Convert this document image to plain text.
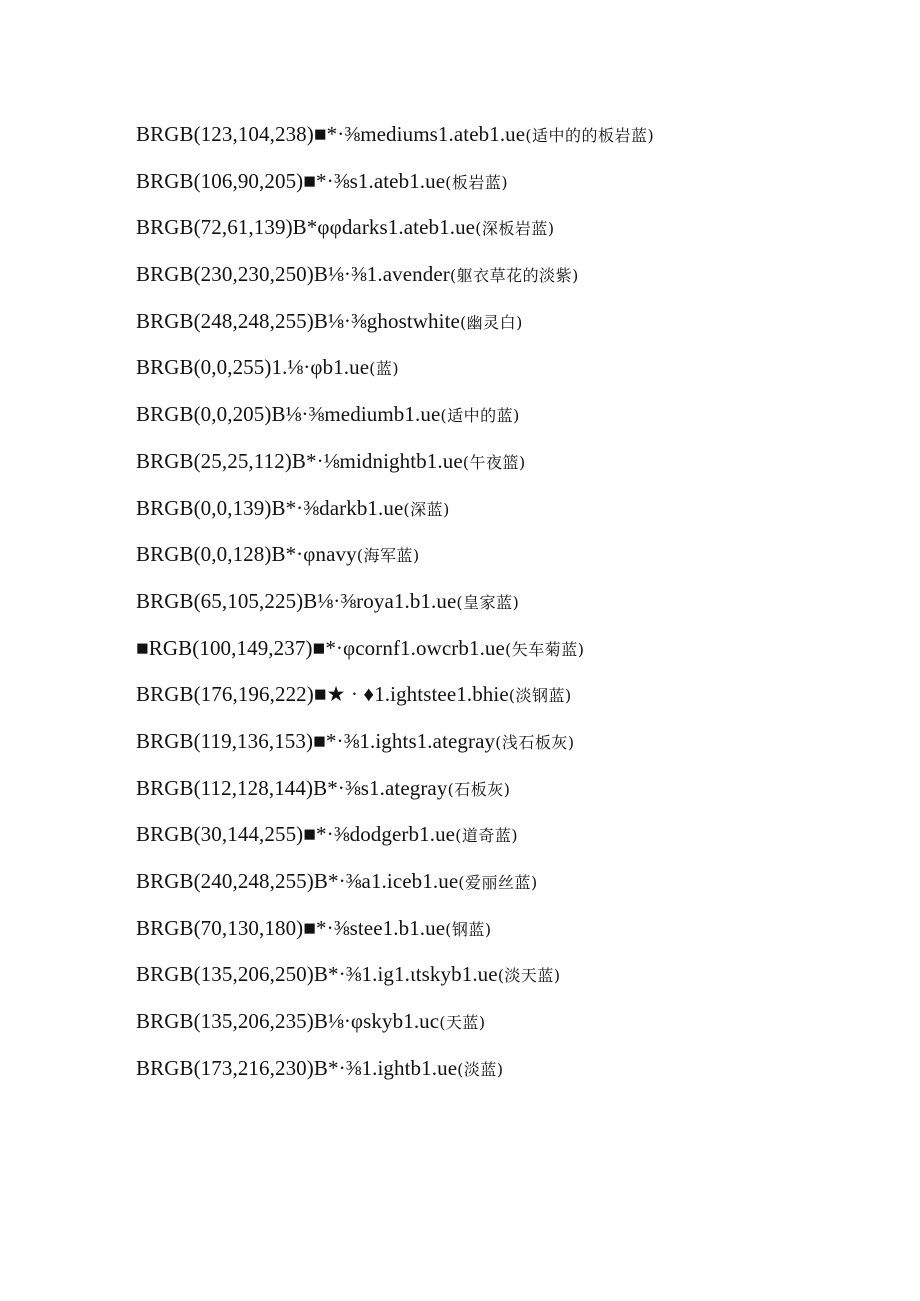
BRGB(123,104,238)■*·⅜mediums1.ateb1.ue(适中的的板岩蓝)
BRGB(106,90,205)■*·⅜s1.ateb1.ue(板岩蓝)
BRGB(72,61,139)B*φφdarks1.ateb1.ue(深板岩蓝)
BRGB(230,230,250)B⅛·⅜1.avender(躯衣草花的淡紫)
BRGB(248,248,255)B⅛·⅜ghostwhite(幽灵白)
BRGB(0,0,255)1.⅛·φb1.ue(蓝)
BRGB(0,0,205)B⅛·⅜mediumb1.ue(适中的蓝)
BRGB(25,25,112)B*·⅛midnightb1.ue(午夜篮)
BRGB(0,0,139)B*·⅜darkb1.ue(深蓝)
BRGB(0,0,128)B*·φnavy(海军蓝)
BRGB(65,105,225)B⅛·⅜roya1.b1.ue(皇家蓝)
■RGB(100,149,237)■*·φcornf1.owcrb1.ue(矢车菊蓝)
BRGB(176,196,222)■★ · ♦1.ightstee1.bhie(淡钢蓝)
BRGB(119,136,153)■*·⅜1.ights1.ategray(浅石板灰)
BRGB(112,128,144)B*·⅜s1.ategray(石板灰)
BRGB(30,144,255)■*·⅜dodgerb1.ue(道奇蓝)
BRGB(240,248,255)B*·⅜a1.iceb1.ue(爱丽丝蓝)
BRGB(70,130,180)■*·⅜stee1.b1.ue(钢蓝)
BRGB(135,206,250)B*·⅜1.ig1.ιtskyb1.ue(淡天蓝)
BRGB(135,206,235)B⅛·φskyb1.uc(天蓝)
BRGB(173,216,230)B*·⅜1.ightb1.ue(淡蓝)
